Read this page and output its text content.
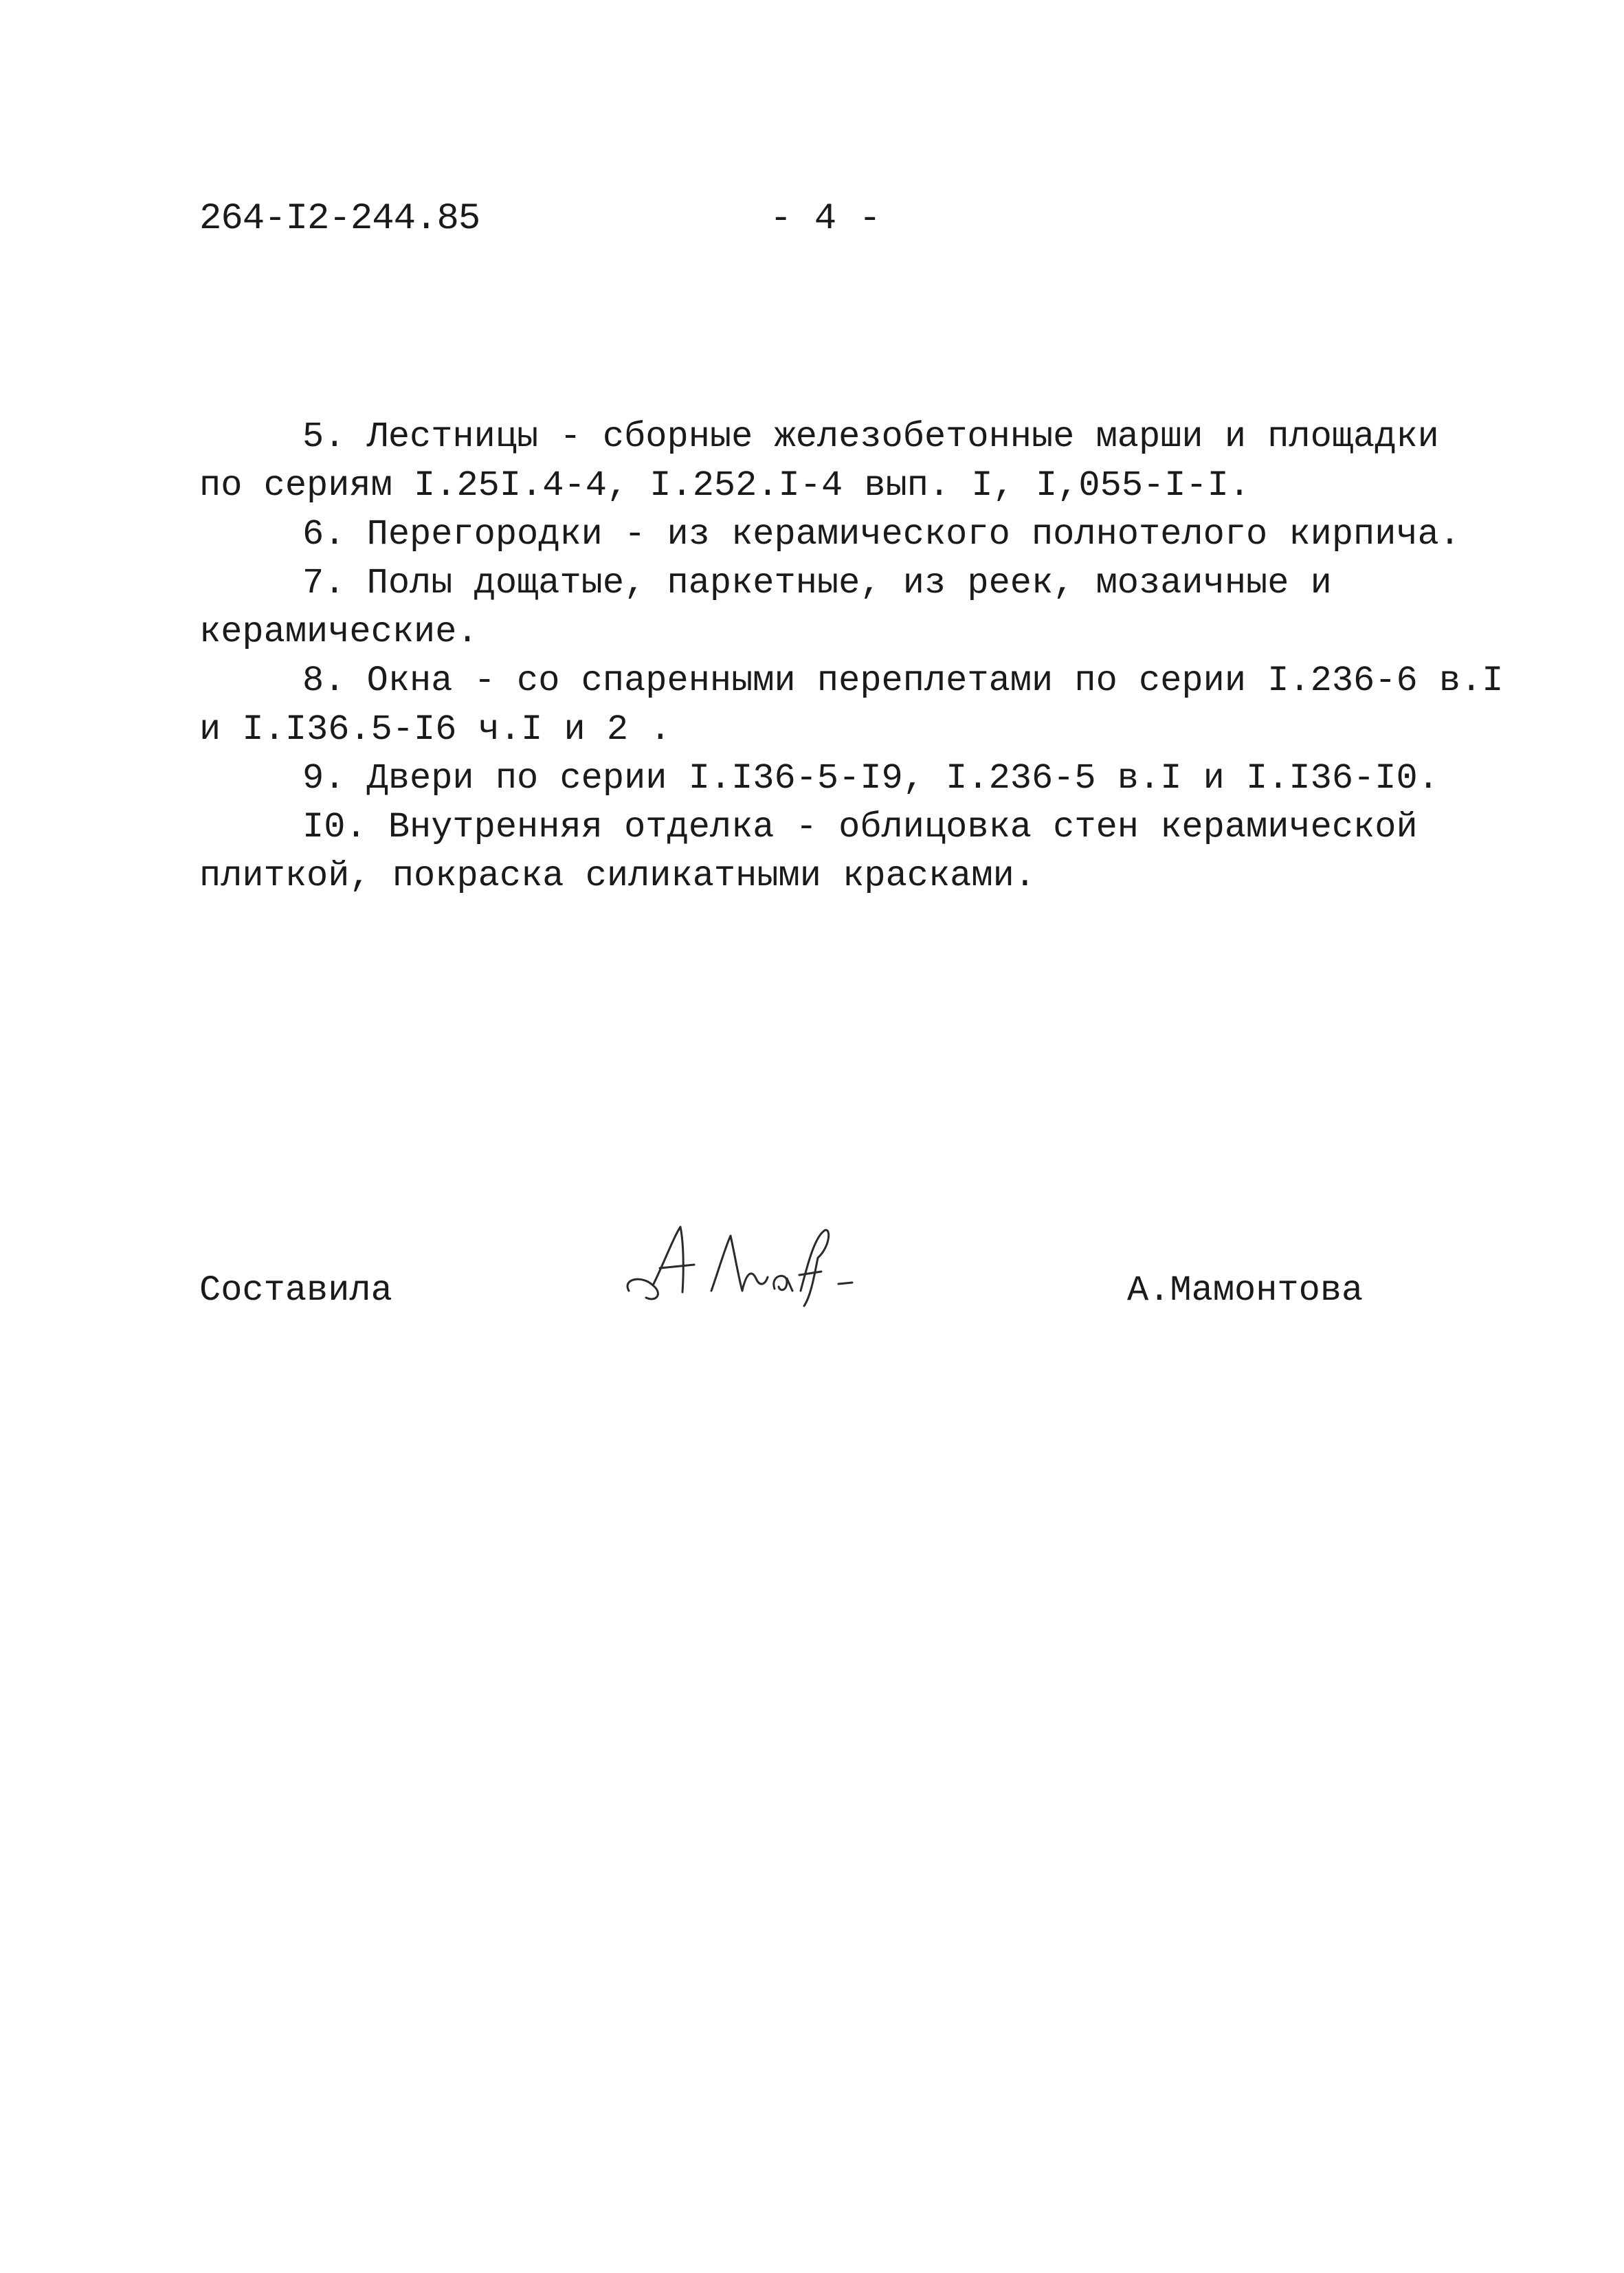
264-I2-244.85	- 4 -
5. Лестницы - сборные железобетонные марши и площадки
по сериям I.25I.4-4, I.252.I-4 вып. I, I,055-I-I.
6. Перегородки - из керамического полнотелого кирпича.
7. Полы дощатые, паркетные, из реек, мозаичные и
керамические.
8. Окна - со спаренными переплетами по серии I.236-6 в.I
и I.I36.5-I6 ч.I и 2 .
9. Двери по серии I.I36-5-I9, I.236-5 в.I и I.I36-I0.
I0. Внутренняя отделка - облицовка стен керамической
плиткой, покраска силикатными красками.
Составила	А.Мамонтова
